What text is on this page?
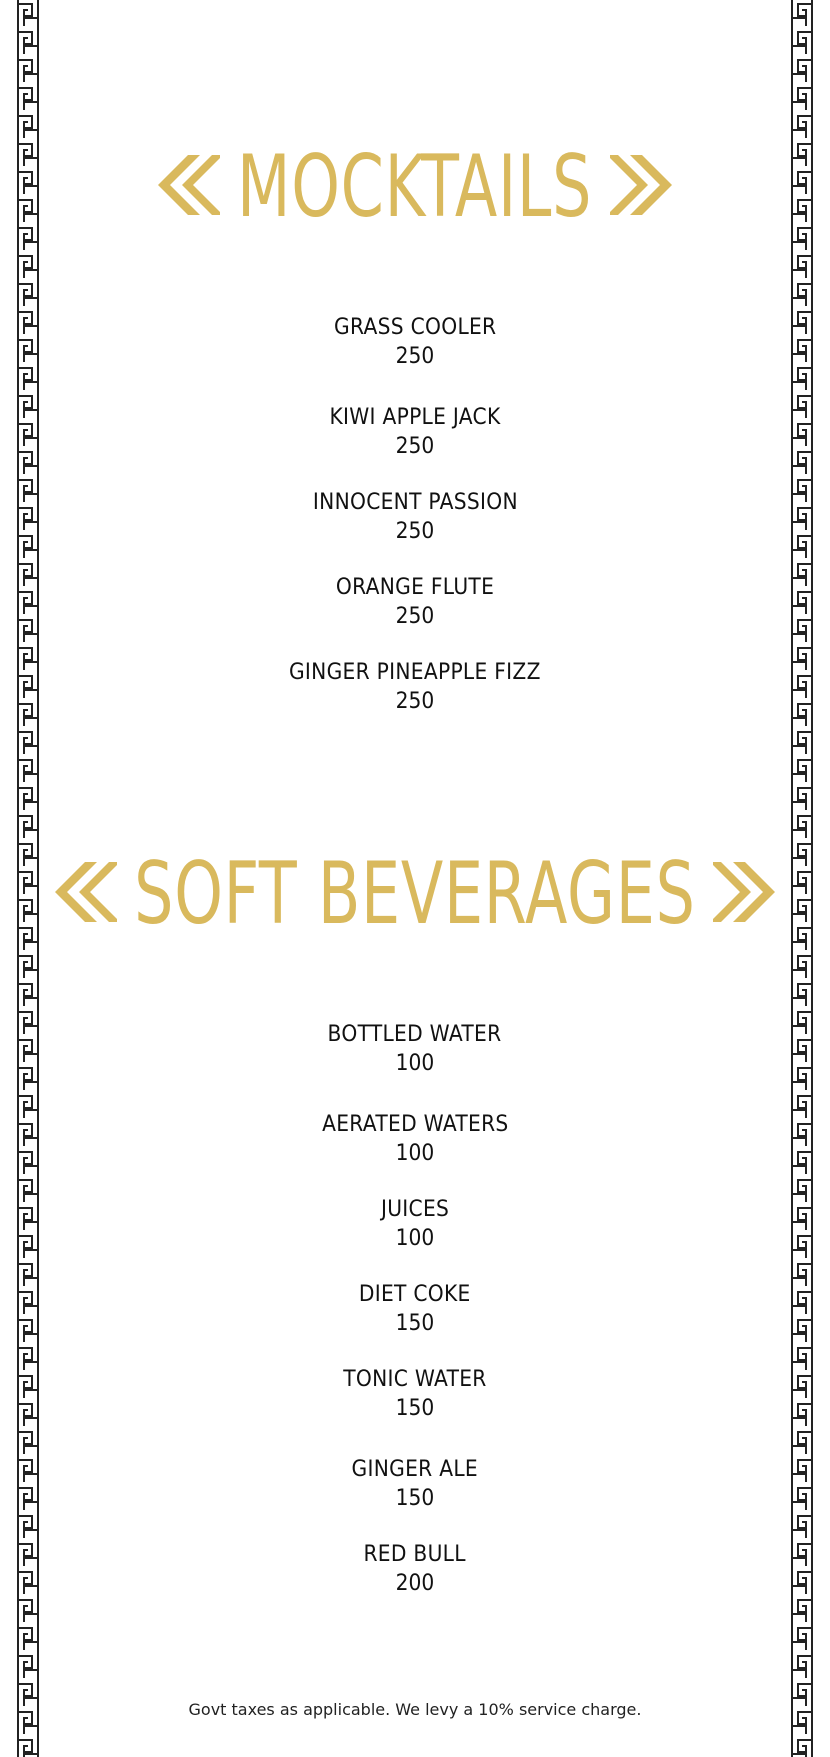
MOCKTAILS
GRASS COOLER
250
KIWI APPLE JACK
250
INNOCENT PASSION
250
ORANGE FLUTE
250
GINGER PINEAPPLE FIZZ
250
SOFT BEVERAGES
BOTTLED WATER
100
AERATED WATERS
100
JUICES
100
DIET COKE
150
TONIC WATER
150
GINGER ALE
150
RED BULL
200
Govt taxes as applicable. We levy a 10% service charge.
